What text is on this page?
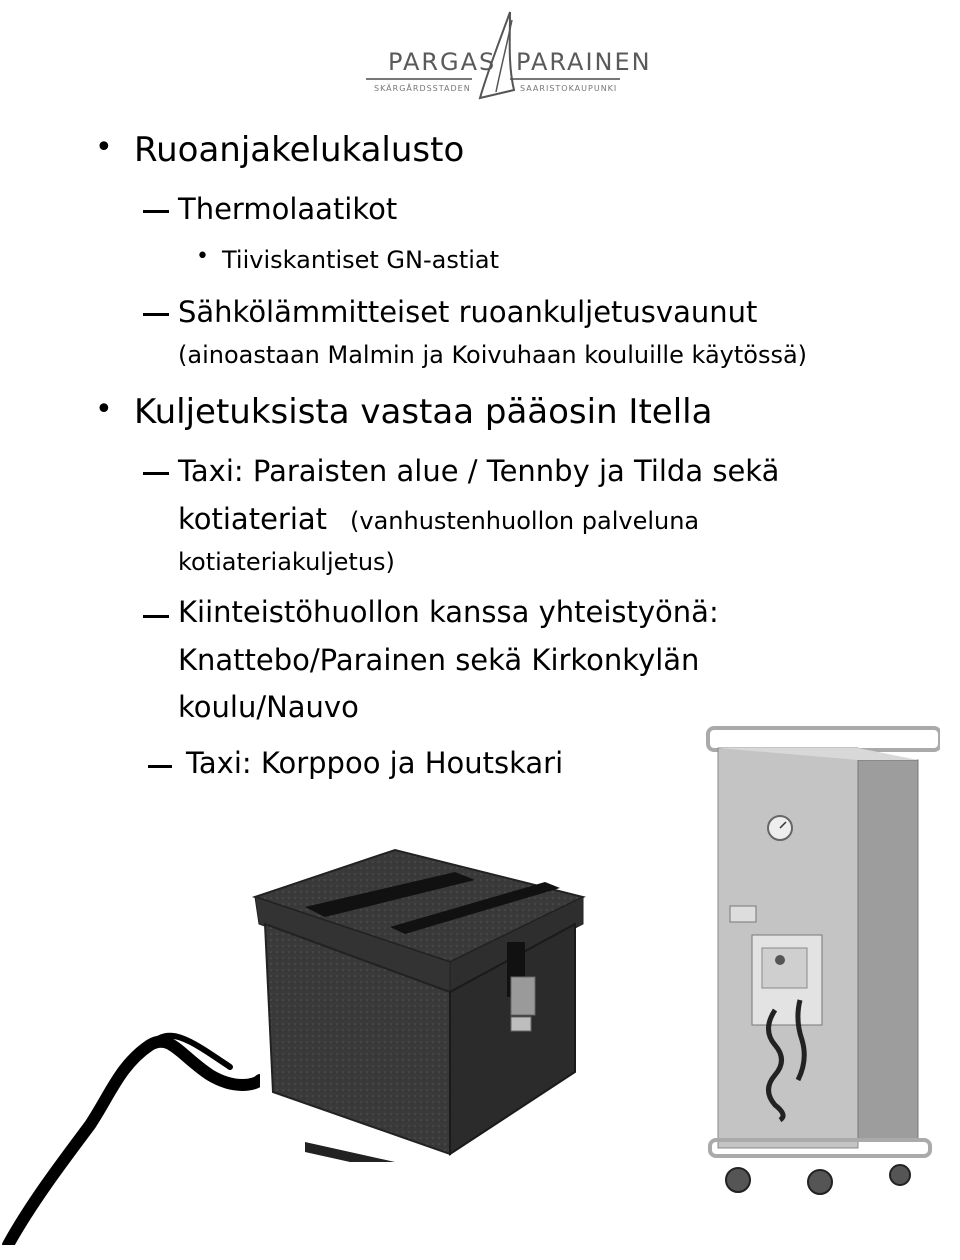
PARGAS PARAINEN
SKÄRGÅRDSSTADEN	SAARISTOKAUPUNKI
• Ruoanjakelukalusto
Thermolaatikot
• Tiiviskantiset GN-astiat
Sähkölämmitteiset ruoankuljetusvaunut
(ainoastaan Malmin ja Koivuhaan kouluille käytössä)
• Kuljetuksista vastaa pääosin Itella
Taxi: Paraisten alue / Tennby ja Tilda sekä
kotiateriat (vanhustenhuollon palveluna
kotiateriakuljetus)
Kiinteistöhuollon kanssa yhteistyönä:
Knattebo/Parainen sekä Kirkonkylän
koulu/Nauvo
Taxi: Korppoo ja Houtskari
